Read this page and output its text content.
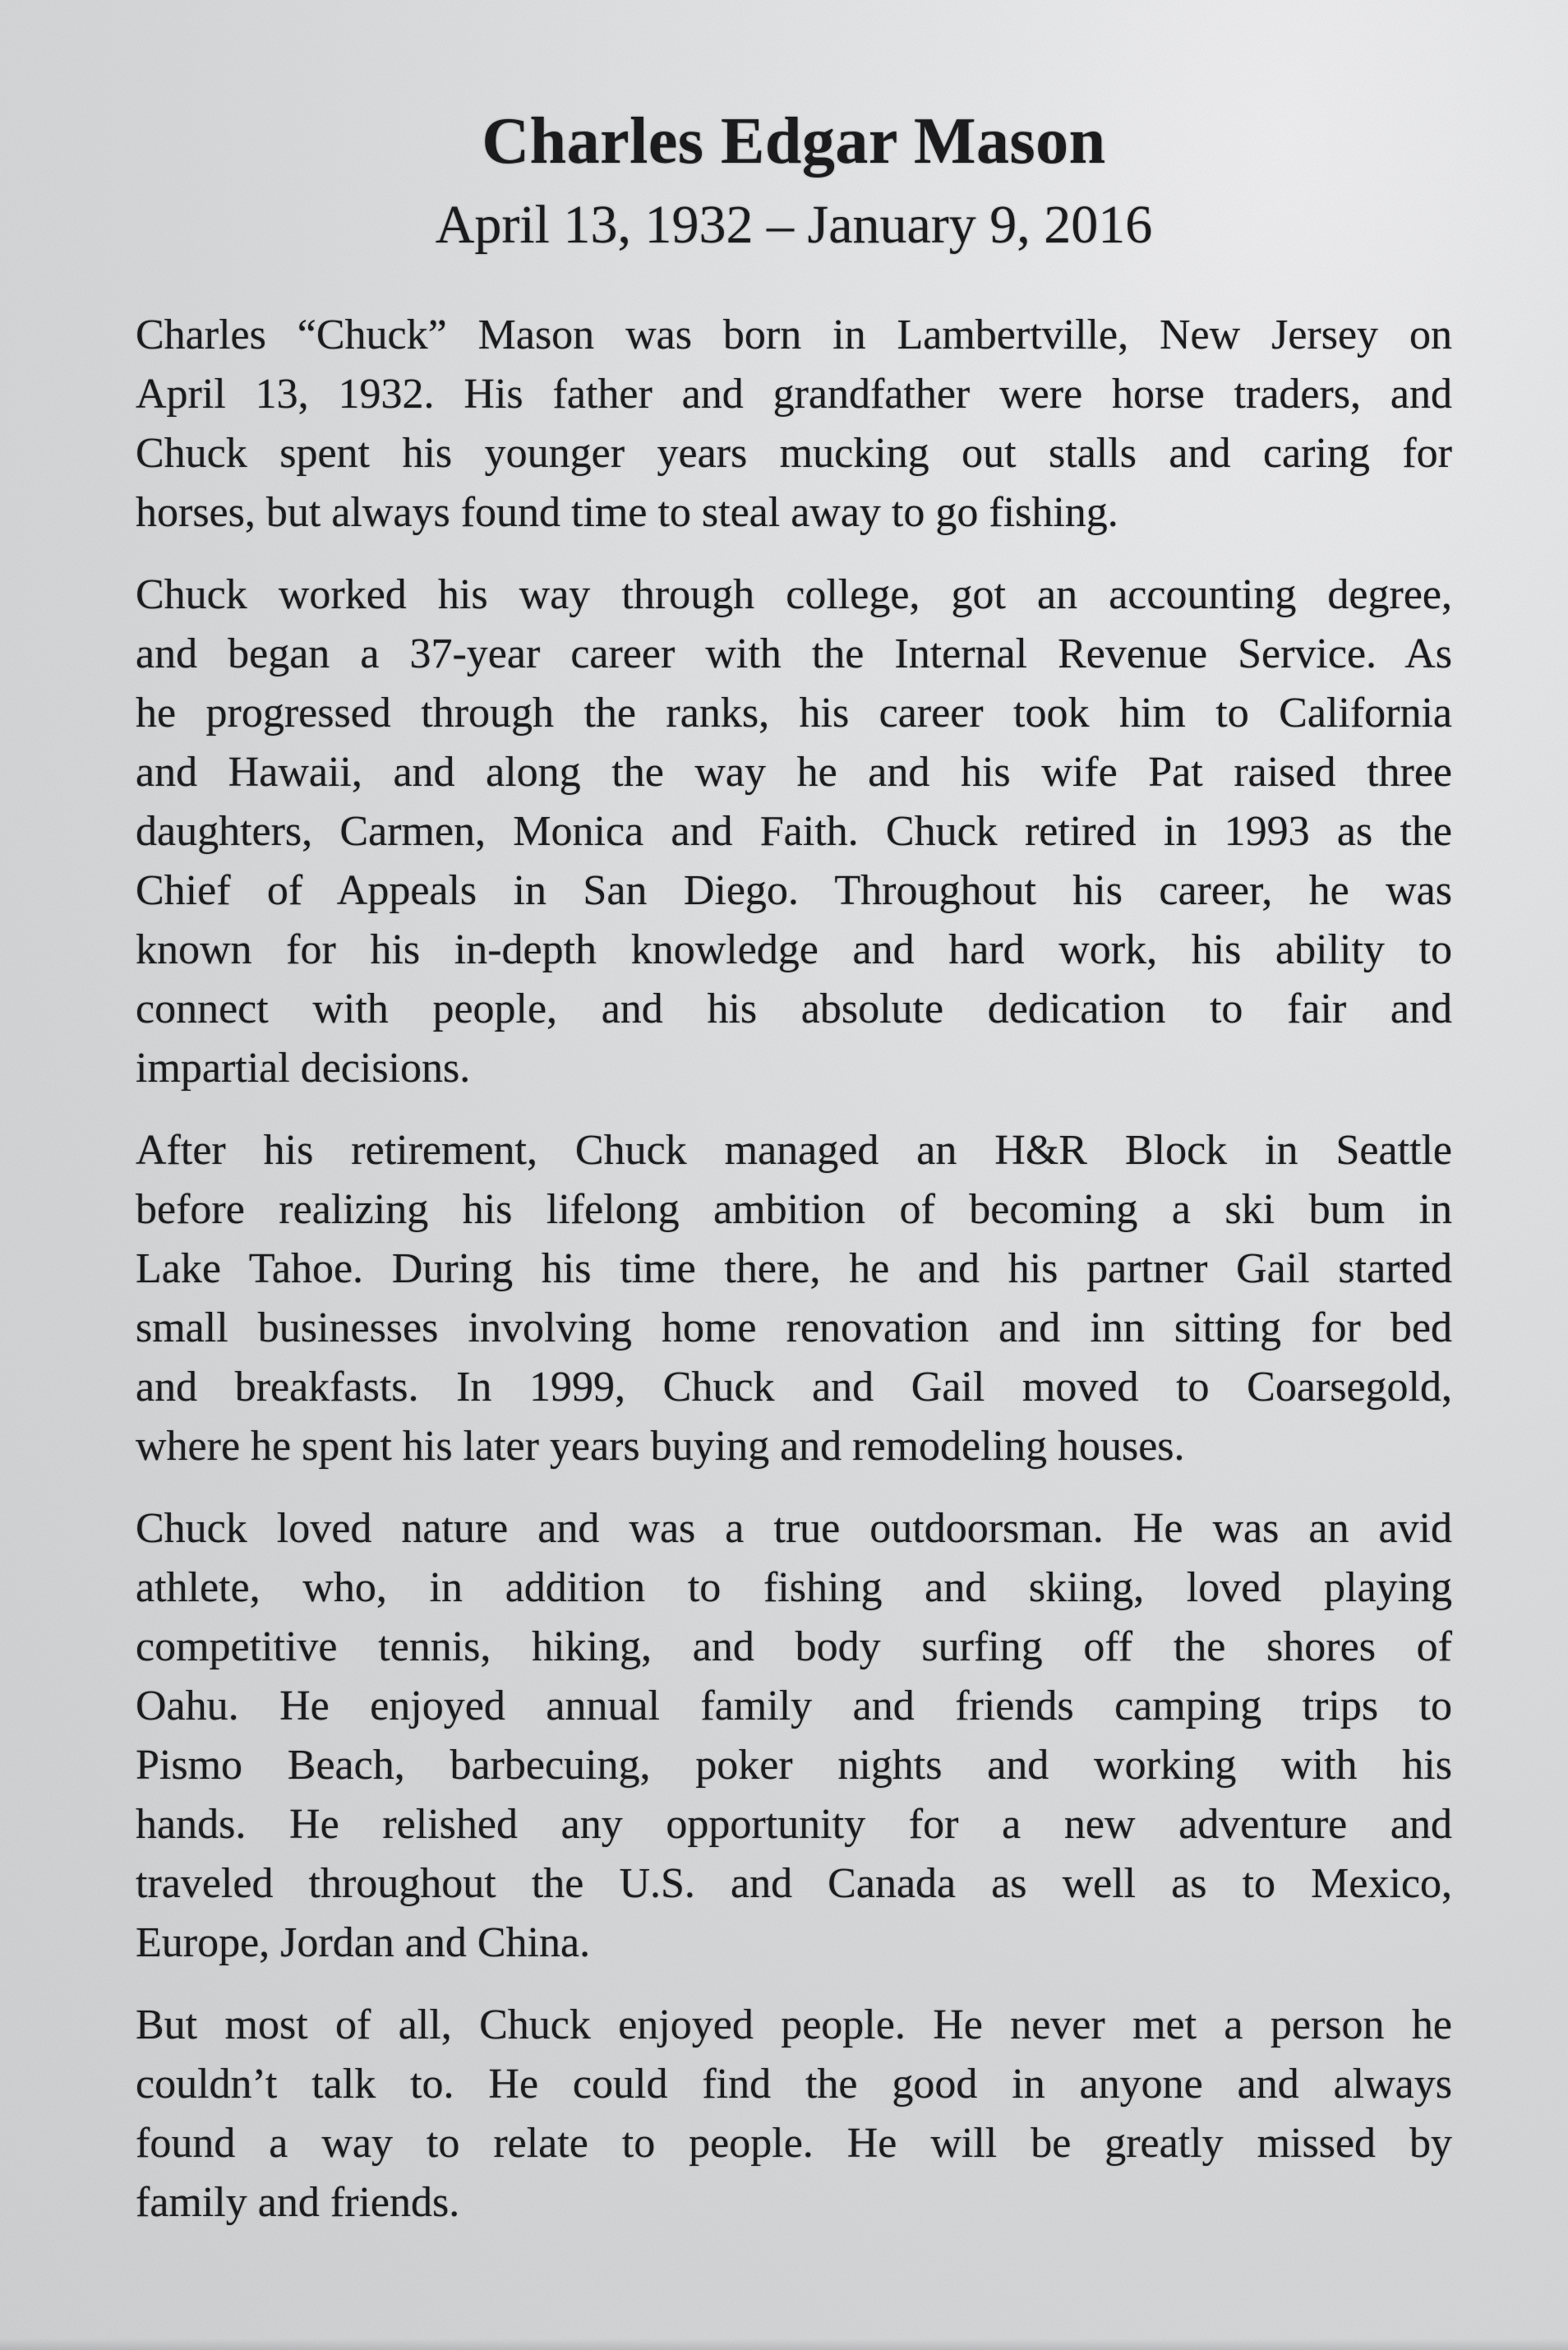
Charles Edgar Mason
April 13, 1932 – January 9, 2016
Charles “Chuck” Mason was born in Lambertville, New Jersey on
April 13, 1932. His father and grandfather were horse traders, and
Chuck spent his younger years mucking out stalls and caring for
horses, but always found time to steal away to go fishing.
Chuck worked his way through college, got an accounting degree,
and began a 37-year career with the Internal Revenue Service. As
he progressed through the ranks, his career took him to California
and Hawaii, and along the way he and his wife Pat raised three
daughters, Carmen, Monica and Faith. Chuck retired in 1993 as the
Chief of Appeals in San Diego. Throughout his career, he was
known for his in-depth knowledge and hard work, his ability to
connect with people, and his absolute dedication to fair and
impartial decisions.
After his retirement, Chuck managed an H&R Block in Seattle
before realizing his lifelong ambition of becoming a ski bum in
Lake Tahoe. During his time there, he and his partner Gail started
small businesses involving home renovation and inn sitting for bed
and breakfasts. In 1999, Chuck and Gail moved to Coarsegold,
where he spent his later years buying and remodeling houses.
Chuck loved nature and was a true outdoorsman. He was an avid
athlete, who, in addition to fishing and skiing, loved playing
competitive tennis, hiking, and body surfing off the shores of
Oahu. He enjoyed annual family and friends camping trips to
Pismo Beach, barbecuing, poker nights and working with his
hands. He relished any opportunity for a new adventure and
traveled throughout the U.S. and Canada as well as to Mexico,
Europe, Jordan and China.
But most of all, Chuck enjoyed people. He never met a person he
couldn’t talk to. He could find the good in anyone and always
found a way to relate to people. He will be greatly missed by
family and friends.
